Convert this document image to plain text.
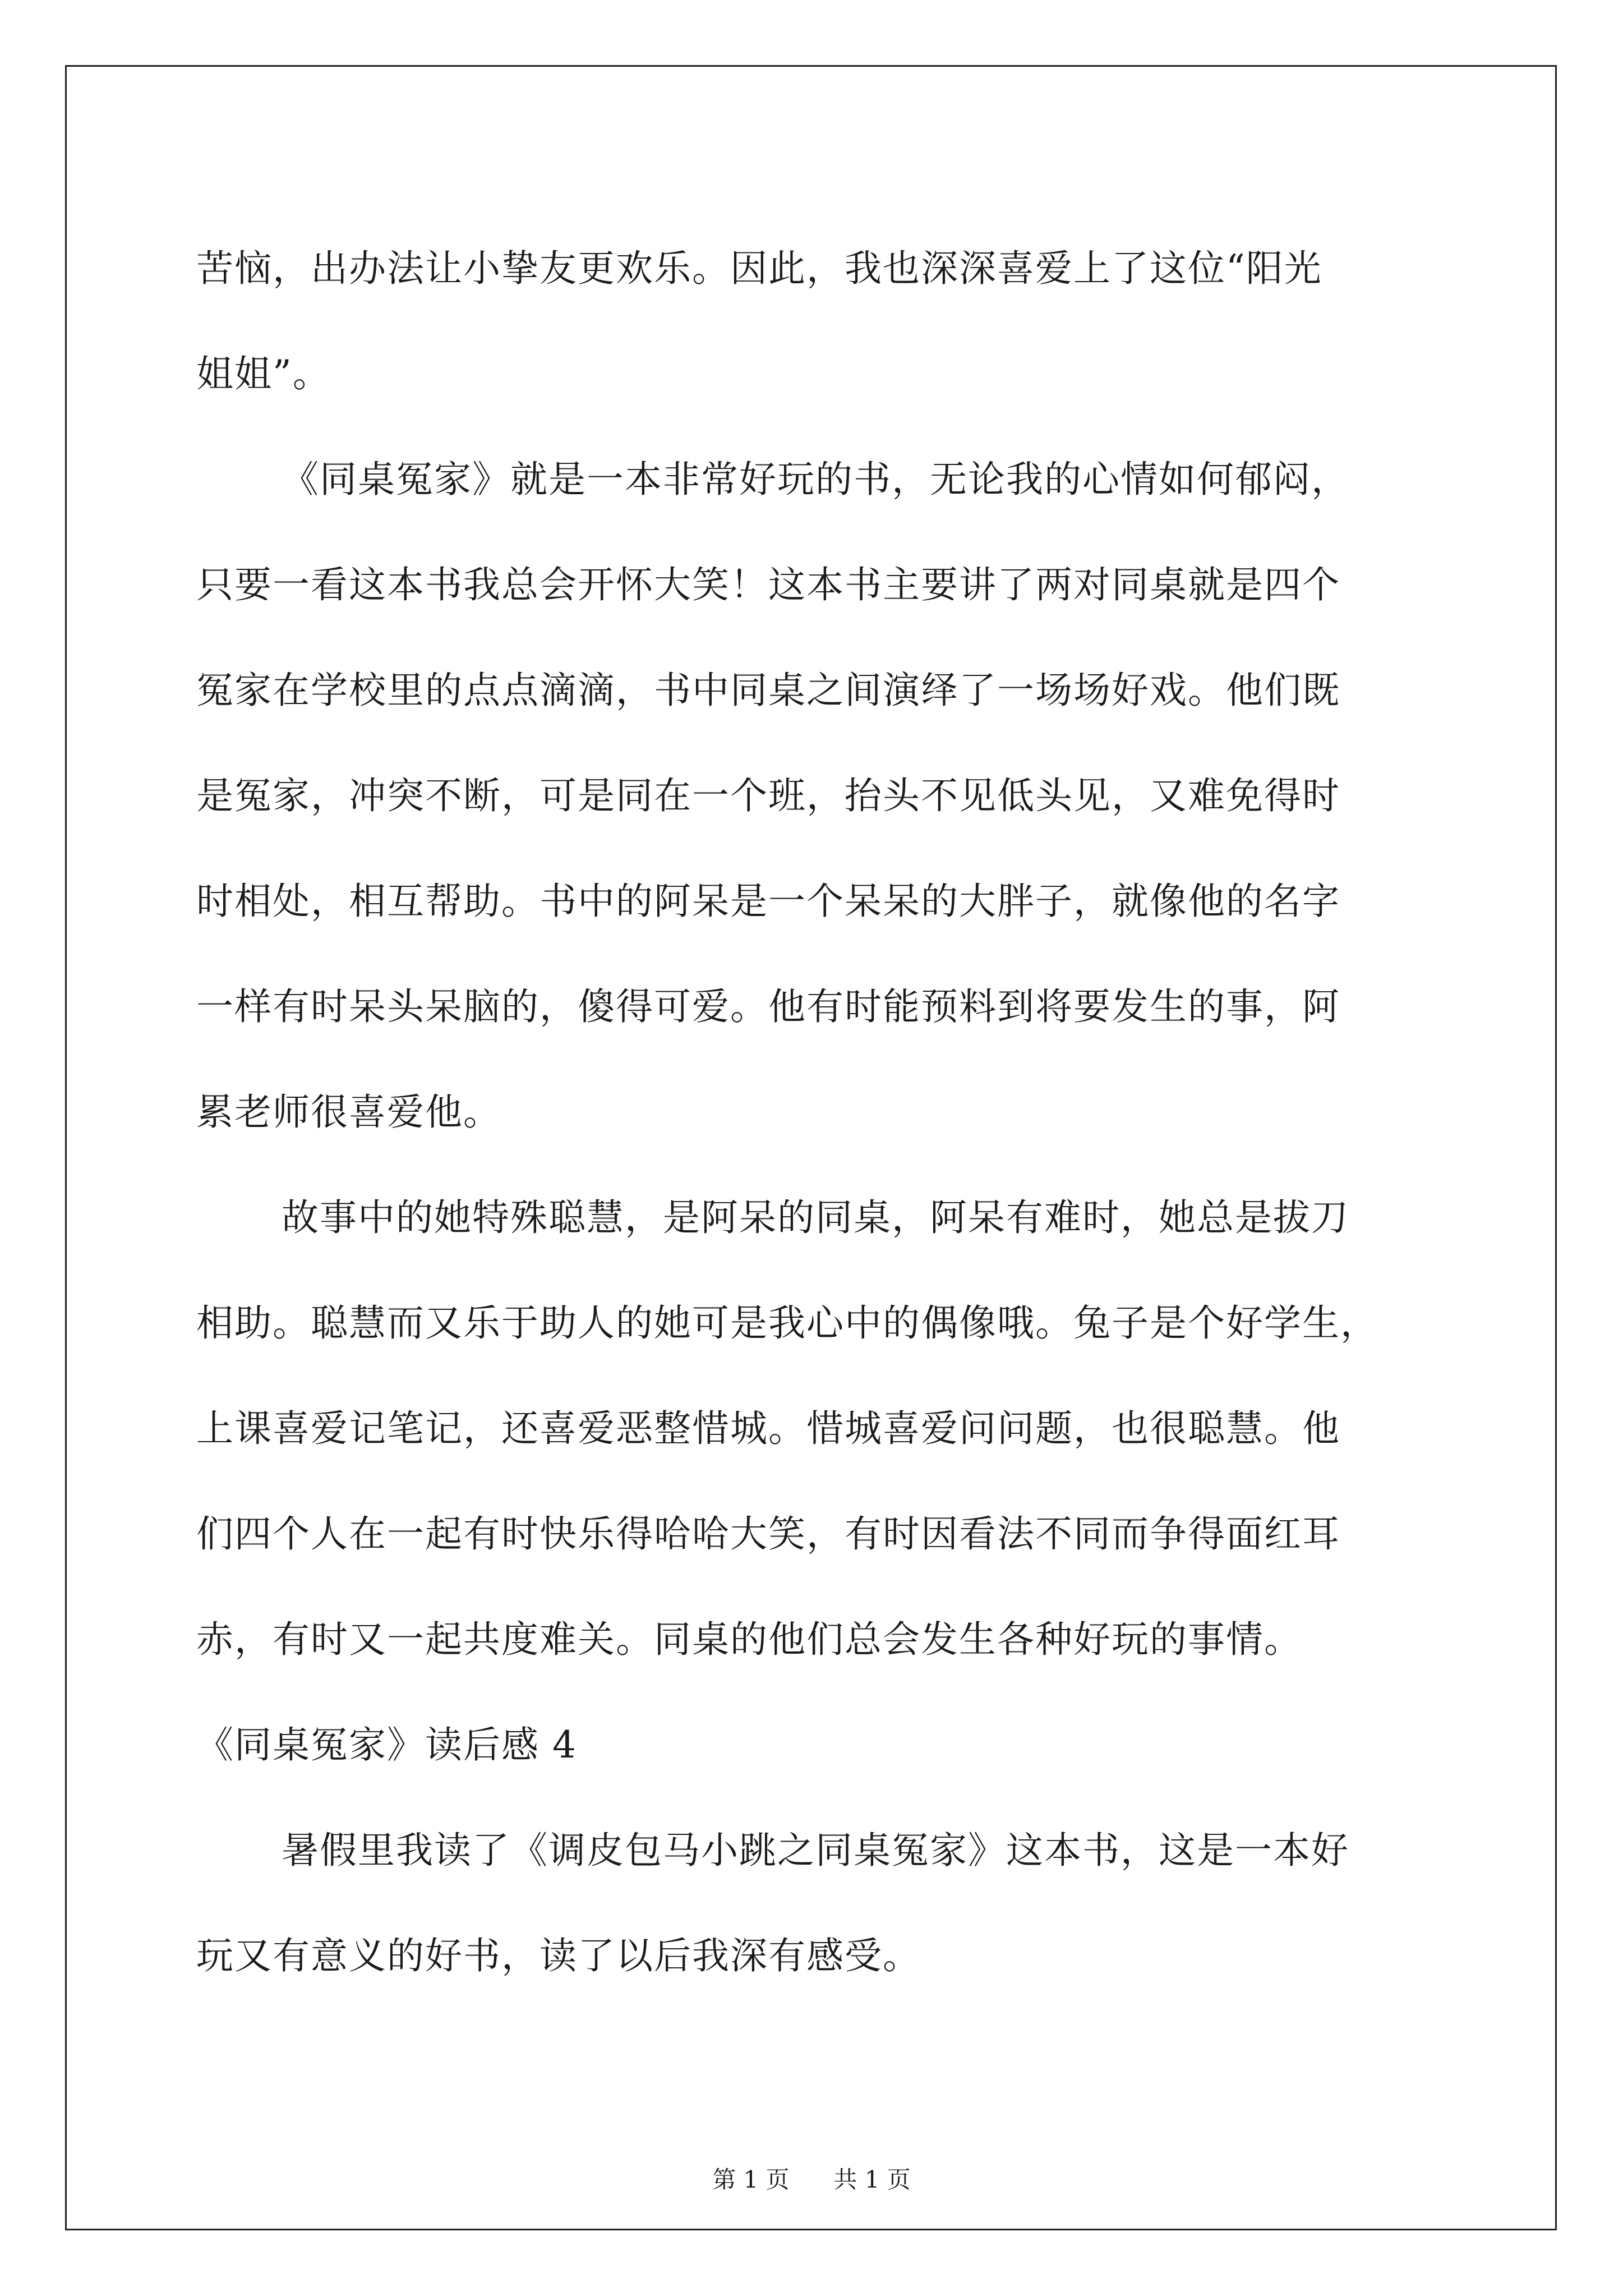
苦恼，出办法让小挚友更欢乐。因此，我也深深喜爱上了这位“阳光
姐姐”。
《同桌冤家》就是一本非常好玩的书，无论我的心情如何郁闷，
只要一看这本书我总会开怀大笑！这本书主要讲了两对同桌就是四个
冤家在学校里的点点滴滴，书中同桌之间演绎了一场场好戏。他们既
是冤家，冲突不断，可是同在一个班，抬头不见低头见，又难免得时
时相处，相互帮助。书中的阿呆是一个呆呆的大胖子，就像他的名字
一样有时呆头呆脑的，傻得可爱。他有时能预料到将要发生的事，阿
累老师很喜爱他。
故事中的她特殊聪慧，是阿呆的同桌，阿呆有难时，她总是拔刀
相助。聪慧而又乐于助人的她可是我心中的偶像哦。兔子是个好学生，
上课喜爱记笔记，还喜爱恶整惜城。惜城喜爱问问题，也很聪慧。他
们四个人在一起有时快乐得哈哈大笑，有时因看法不同而争得面红耳
赤，有时又一起共度难关。同桌的他们总会发生各种好玩的事情。
《同桌冤家》读后感 4
暑假里我读了《调皮包马小跳之同桌冤家》这本书，这是一本好
玩又有意义的好书，读了以后我深有感受。
第 1 页 共 1 页
